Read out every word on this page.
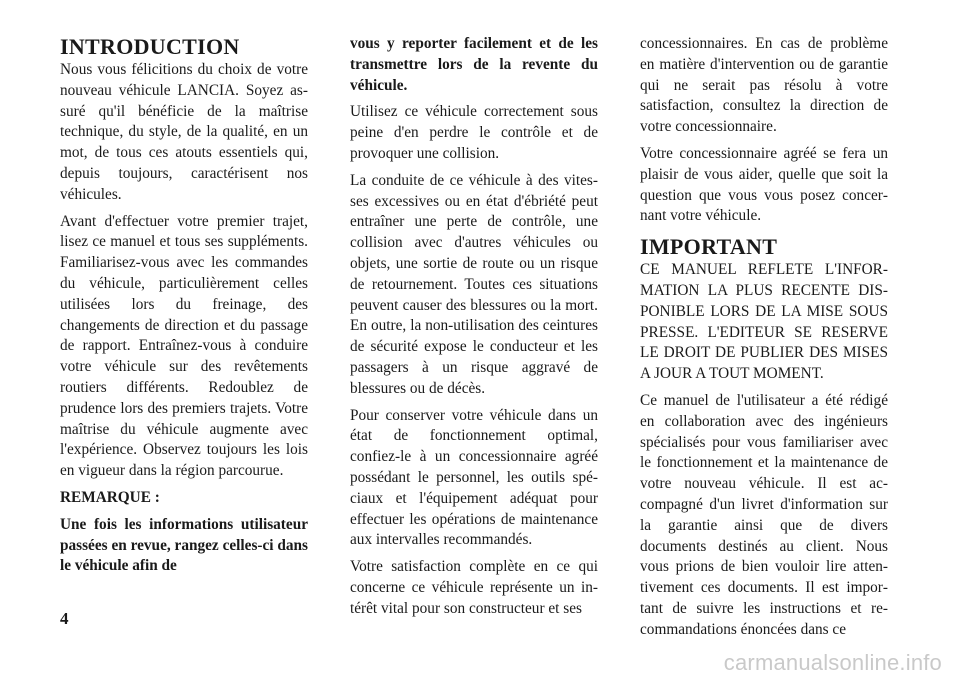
INTRODUCTION

Nous vous félicitions du choix de votre nouveau véhicule LANCIA. Soyez assuré qu'il bénéficie de la maîtrise technique, du style, de la qualité, en un mot, de tous ces atouts essentiels qui, depuis toujours, caractérisent nos véhicules.

Avant d'effectuer votre premier trajet, lisez ce manuel et tous ses suppléments. Familiarisez-vous avec les commandes du véhicule, particulièrement celles utilisées lors du freinage, des changements de direction et du passage de rapport. Entraînez-vous à conduire votre véhicule sur des revêtements routiers différents. Redoublez de prudence lors des premiers trajets. Votre maîtrise du véhicule augmente avec l'expérience. Observez toujours les lois en vigueur dans la région parcourue.

REMARQUE :

Une fois les informations utilisateur passées en revue, rangez celles-ci dans le véhicule afin de

vous y reporter facilement et de les transmettre lors de la revente du véhicule.

Utilisez ce véhicule correctement sous peine d'en perdre le contrôle et de provoquer une collision.

La conduite de ce véhicule à des vitesses excessives ou en état d'ébriété peut entraîner une perte de contrôle, une collision avec d'autres véhicules ou objets, une sortie de route ou un risque de retournement. Toutes ces situations peuvent causer des blessures ou la mort. En outre, la non-utilisation des ceintures de sécurité expose le conducteur et les passagers à un risque aggravé de blessures ou de décès.

Pour conserver votre véhicule dans un état de fonctionnement optimal, confiez-le à un concessionnaire agréé possédant le personnel, les outils spéciaux et l'équipement adéquat pour effectuer les opérations de maintenance aux intervalles recommandés.

Votre satisfaction complète en ce qui concerne ce véhicule représente un intérêt vital pour son constructeur et ses

concessionnaires. En cas de problème en matière d'intervention ou de garantie qui ne serait pas résolu à votre satisfaction, consultez la direction de votre concessionnaire.

Votre concessionnaire agréé se fera un plaisir de vous aider, quelle que soit la question que vous vous posez concernant votre véhicule.

IMPORTANT

CE MANUEL REFLETE L'INFORMATION LA PLUS RECENTE DISPONIBLE LORS DE LA MISE SOUS PRESSE. L'EDITEUR SE RESERVE LE DROIT DE PUBLIER DES MISES A JOUR A TOUT MOMENT.

Ce manuel de l'utilisateur a été rédigé en collaboration avec des ingénieurs spécialisés pour vous familiariser avec le fonctionnement et la maintenance de votre nouveau véhicule. Il est accompagné d'un livret d'information sur la garantie ainsi que de divers documents destinés au client. Nous vous prions de bien vouloir lire attentivement ces documents. Il est important de suivre les instructions et recommandations énoncées dans ce

4
carmanualsonline.info
